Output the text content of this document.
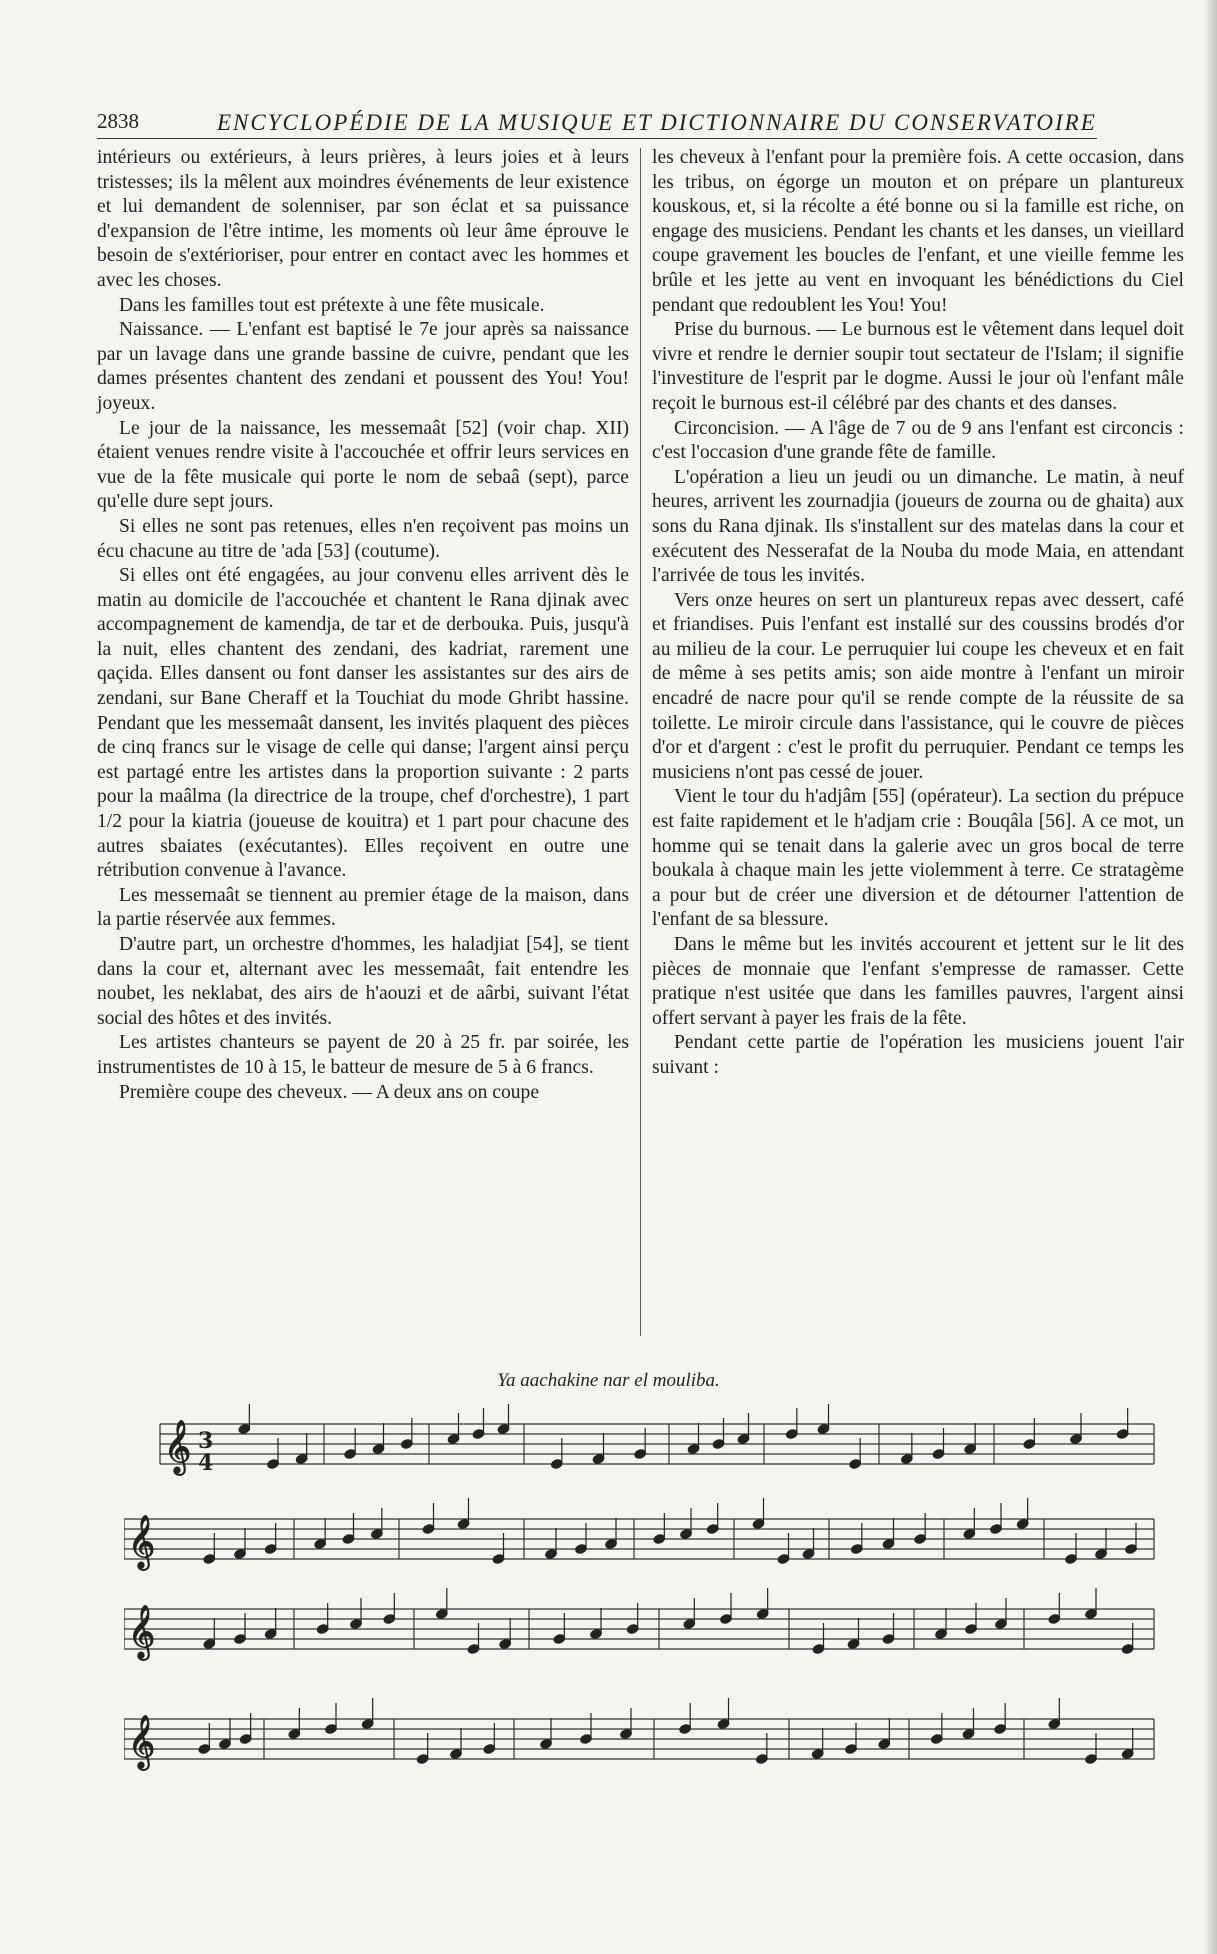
2838	ENCYCLOPÉDIE DE LA MUSIQUE ET DICTIONNAIRE DU CONSERVATOIRE

intérieurs ou extérieurs, à leurs prières, à leurs joies et à leurs tristesses; ils la mêlent aux moindres événements de leur existence et lui demandent de solenniser, par son éclat et sa puissance d'expansion de l'être intime, les moments où leur âme éprouve le besoin de s'extérioriser, pour entrer en contact avec les hommes et avec les choses.

Dans les familles tout est prétexte à une fête musicale.

Naissance. — L'enfant est baptisé le 7e jour après sa naissance par un lavage dans une grande bassine de cuivre, pendant que les dames présentes chantent des zendani et poussent des You! You! joyeux.

Le jour de la naissance, les messemaât [52] (voir chap. XII) étaient venues rendre visite à l'accouchée et offrir leurs services en vue de la fête musicale qui porte le nom de sebaâ (sept), parce qu'elle dure sept jours.

Si elles ne sont pas retenues, elles n'en reçoivent pas moins un écu chacune au titre de 'ada [53] (coutume).

Si elles ont été engagées, au jour convenu elles arrivent dès le matin au domicile de l'accouchée et chantent le Rana djinak avec accompagnement de kamendja, de tar et de derbouka. Puis, jusqu'à la nuit, elles chantent des zendani, des kadriat, rarement une qaçida. Elles dansent ou font danser les assistantes sur des airs de zendani, sur Bane Cheraff et la Touchiat du mode Ghribt hassine. Pendant que les messemaât dansent, les invités plaquent des pièces de cinq francs sur le visage de celle qui danse; l'argent ainsi perçu est partagé entre les artistes dans la proportion suivante : 2 parts pour la maâlma (la directrice de la troupe, chef d'orchestre), 1 part 1/2 pour la kiatria (joueuse de kouitra) et 1 part pour chacune des autres sbaiates (exécutantes). Elles reçoivent en outre une rétribution convenue à l'avance.

Les messemaât se tiennent au premier étage de la maison, dans la partie réservée aux femmes.

D'autre part, un orchestre d'hommes, les haladjiat [54], se tient dans la cour et, alternant avec les messemaât, fait entendre les noubet, les neklabat, des airs de h'aouzi et de aârbi, suivant l'état social des hôtes et des invités.

Les artistes chanteurs se payent de 20 à 25 fr. par soirée, les instrumentistes de 10 à 15, le batteur de mesure de 5 à 6 francs.

Première coupe des cheveux. — A deux ans on coupe

les cheveux à l'enfant pour la première fois. A cette occasion, dans les tribus, on égorge un mouton et on prépare un plantureux kouskous, et, si la récolte a été bonne ou si la famille est riche, on engage des musiciens. Pendant les chants et les danses, un vieillard coupe gravement les boucles de l'enfant, et une vieille femme les brûle et les jette au vent en invoquant les bénédictions du Ciel pendant que redoublent les You! You!

Prise du burnous. — Le burnous est le vêtement dans lequel doit vivre et rendre le dernier soupir tout sectateur de l'Islam; il signifie l'investiture de l'esprit par le dogme. Aussi le jour où l'enfant mâle reçoit le burnous est-il célébré par des chants et des danses.

Circoncision. — A l'âge de 7 ou de 9 ans l'enfant est circoncis : c'est l'occasion d'une grande fête de famille.

L'opération a lieu un jeudi ou un dimanche. Le matin, à neuf heures, arrivent les zournadjia (joueurs de zourna ou de ghaita) aux sons du Rana djinak. Ils s'installent sur des matelas dans la cour et exécutent des Nesserafat de la Nouba du mode Maia, en attendant l'arrivée de tous les invités.

Vers onze heures on sert un plantureux repas avec dessert, café et friandises. Puis l'enfant est installé sur des coussins brodés d'or au milieu de la cour. Le perruquier lui coupe les cheveux et en fait de même à ses petits amis; son aide montre à l'enfant un miroir encadré de nacre pour qu'il se rende compte de la réussite de sa toilette. Le miroir circule dans l'assistance, qui le couvre de pièces d'or et d'argent : c'est le profit du perruquier. Pendant ce temps les musiciens n'ont pas cessé de jouer.

Vient le tour du h'adjâm [55] (opérateur). La section du prépuce est faite rapidement et le h'adjam crie : Bouqâla [56]. A ce mot, un homme qui se tenait dans la galerie avec un gros bocal de terre boukala à chaque main les jette violemment à terre. Ce stratagème a pour but de créer une diversion et de détourner l'attention de l'enfant de sa blessure.

Dans le même but les invités accourent et jettent sur le lit des pièces de monnaie que l'enfant s'empresse de ramasser. Cette pratique n'est usitée que dans les familles pauvres, l'argent ainsi offert servant à payer les frais de la fête.

Pendant cette partie de l'opération les musiciens jouent l'air suivant :

Ya aachakine nar el mouliba.
𝄞
𝄞
𝄞
𝄞
3
4
